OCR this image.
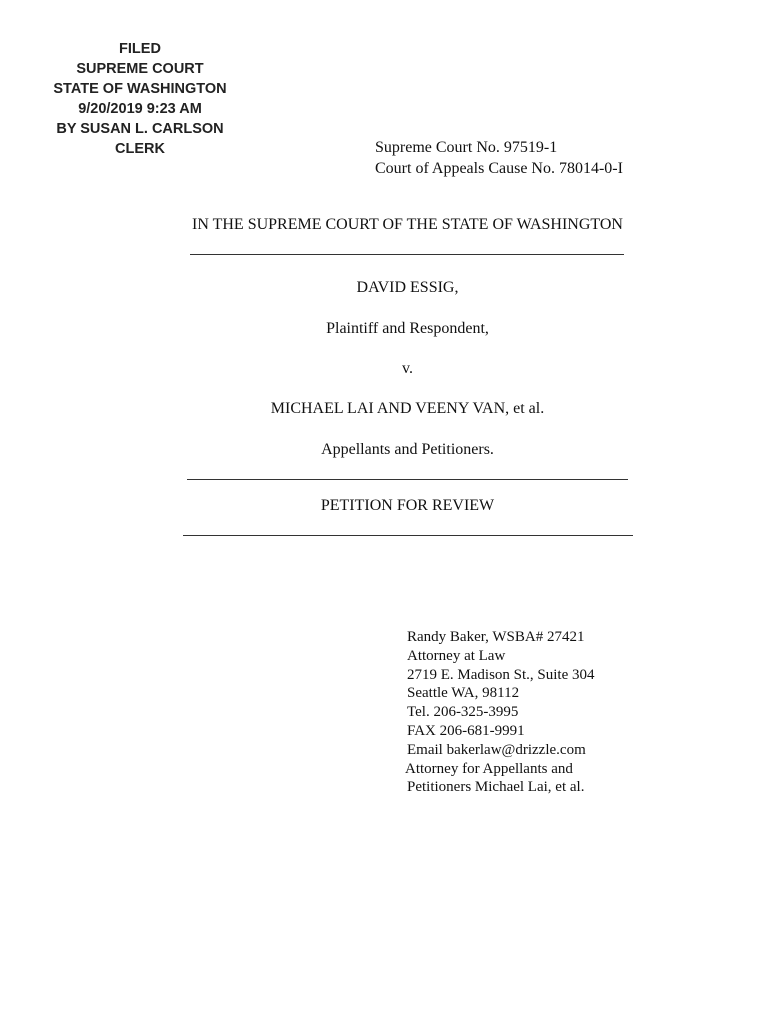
FILED
SUPREME COURT
STATE OF WASHINGTON
9/20/2019 9:23 AM
BY SUSAN L. CARLSON
CLERK	Supreme Court No. 97519-1
Court of Appeals Cause No. 78014-0-I
IN THE SUPREME COURT OF THE STATE OF WASHINGTON
DAVID ESSIG,
Plaintiff and Respondent,
v.
MICHAEL LAI AND VEENY VAN, et al.
Appellants and Petitioners.
PETITION FOR REVIEW
Randy Baker, WSBA# 27421
Attorney at Law
2719 E. Madison St., Suite 304
Seattle WA, 98112
Tel. 206-325-3995
FAX 206-681-9991
Email bakerlaw@drizzle.com
Attorney for Appellants and
Petitioners Michael Lai, et al.
